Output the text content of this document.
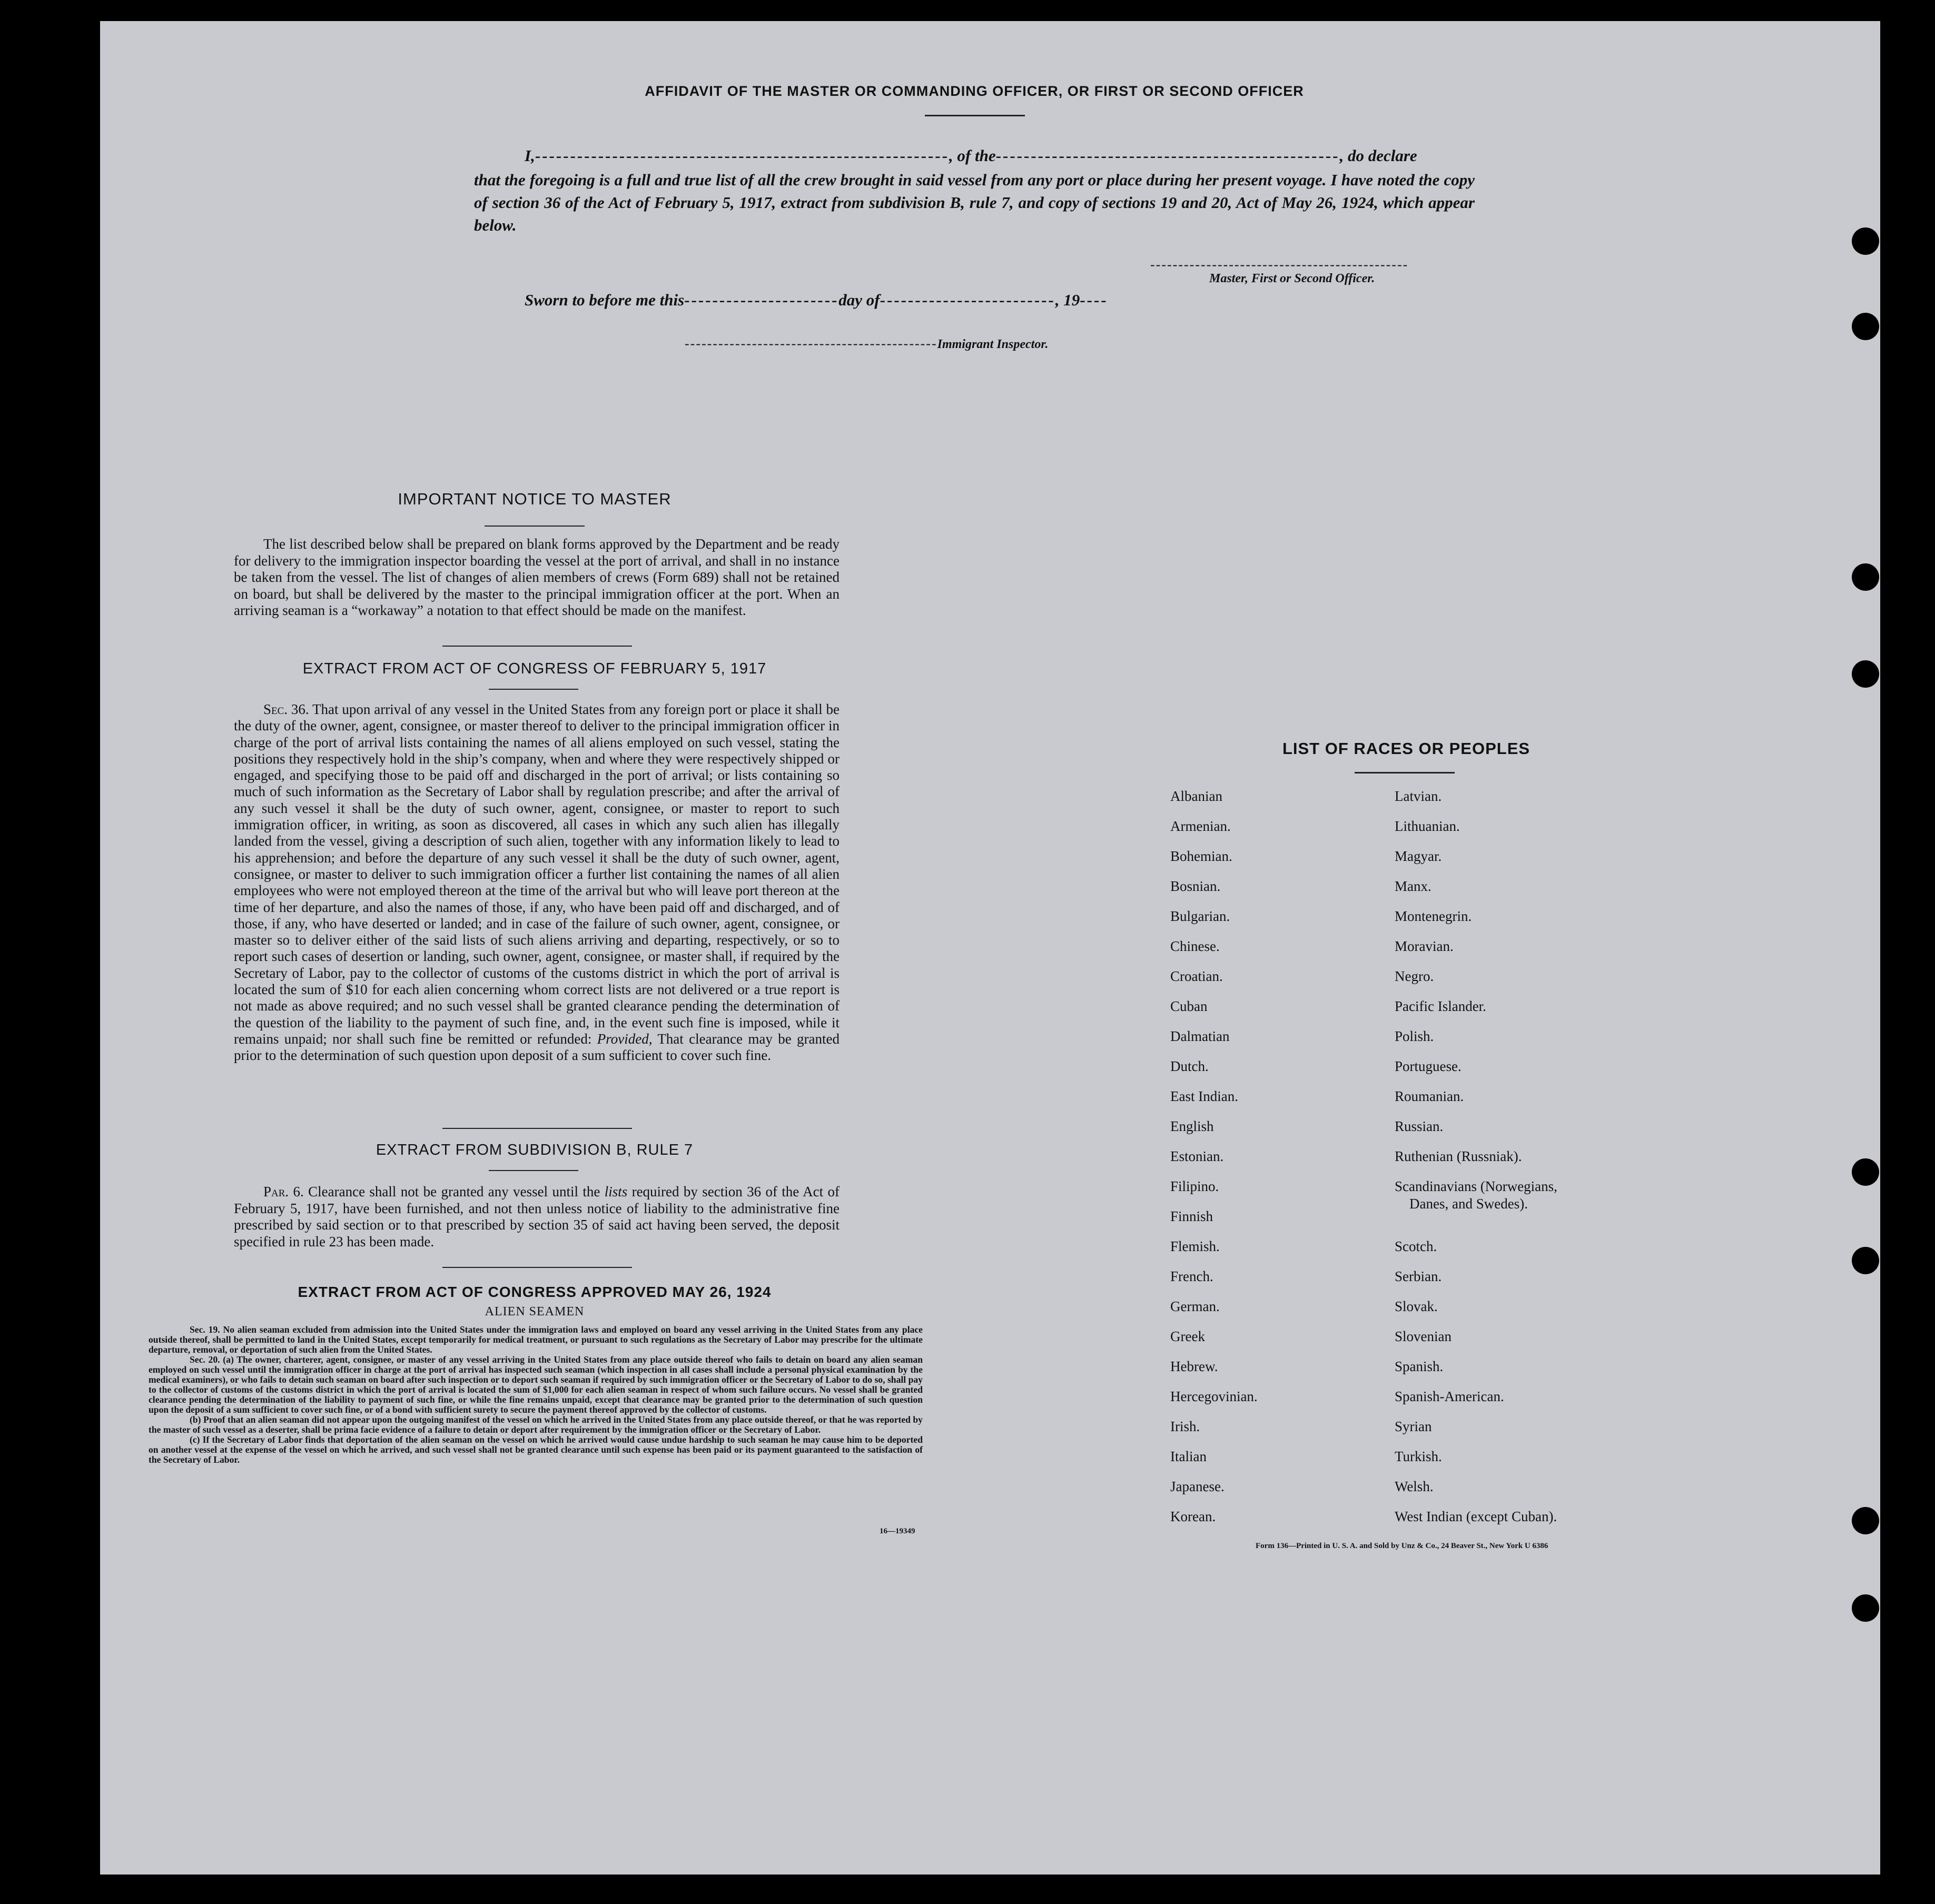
AFFIDAVIT OF THE MASTER OR COMMANDING OFFICER, OR FIRST OR SECOND OFFICER
I,-----------------------------------------------------------, of the-------------------------------------------------, do declare
that the foregoing is a full and true list of all the crew brought in said vessel from any port or place during her present voyage. I have noted the copy of section 36 of the Act of February 5, 1917, extract from subdivision B, rule 7, and copy of sections 19 and 20, Act of May 26, 1924, which appear below.
----------------------------------------------
Master, First or Second Officer.
Sworn to before me this----------------------day of-------------------------, 19----
---------------------------------------------Immigrant Inspector.
IMPORTANT NOTICE TO MASTER
The list described below shall be prepared on blank forms approved by the Department and be ready for delivery to the immigration inspector boarding the vessel at the port of arrival, and shall in no instance be taken from the vessel. The list of changes of alien members of crews (Form 689) shall not be retained on board, but shall be delivered by the master to the principal immigration officer at the port. When an arriving seaman is a “workaway” a notation to that effect should be made on the manifest.
EXTRACT FROM ACT OF CONGRESS OF FEBRUARY 5, 1917
Sec. 36. That upon arrival of any vessel in the United States from any foreign port or place it shall be the duty of the owner, agent, consignee, or master thereof to deliver to the principal immigration officer in charge of the port of arrival lists containing the names of all aliens employed on such vessel, stating the positions they respectively hold in the ship’s company, when and where they were respectively shipped or engaged, and specifying those to be paid off and discharged in the port of arrival; or lists containing so much of such information as the Secretary of Labor shall by regulation prescribe; and after the arrival of any such vessel it shall be the duty of such owner, agent, consignee, or master to report to such immigration officer, in writing, as soon as discovered, all cases in which any such alien has illegally landed from the vessel, giving a description of such alien, together with any information likely to lead to his apprehension; and before the departure of any such vessel it shall be the duty of such owner, agent, consignee, or master to deliver to such immigration officer a further list containing the names of all alien employees who were not employed thereon at the time of the arrival but who will leave port thereon at the time of her departure, and also the names of those, if any, who have been paid off and discharged, and of those, if any, who have deserted or landed; and in case of the failure of such owner, agent, consignee, or master so to deliver either of the said lists of such aliens arriving and departing, respectively, or so to report such cases of desertion or landing, such owner, agent, consignee, or master shall, if required by the Secretary of Labor, pay to the collector of customs of the customs district in which the port of arrival is located the sum of $10 for each alien concerning whom correct lists are not delivered or a true report is not made as above required; and no such vessel shall be granted clearance pending the determination of the question of the liability to the payment of such fine, and, in the event such fine is imposed, while it remains unpaid; nor shall such fine be remitted or refunded: Provided, That clearance may be granted prior to the determination of such question upon deposit of a sum sufficient to cover such fine.
EXTRACT FROM SUBDIVISION B, RULE 7
Par. 6. Clearance shall not be granted any vessel until the lists required by section 36 of the Act of February 5, 1917, have been furnished, and not then unless notice of liability to the administrative fine prescribed by said section or to that prescribed by section 35 of said act having been served, the deposit specified in rule 23 has been made.
EXTRACT FROM ACT OF CONGRESS APPROVED MAY 26, 1924
ALIEN SEAMEN
Sec. 19. No alien seaman excluded from admission into the United States under the immigration laws and employed on board any vessel arriving in the United States from any place outside thereof, shall be permitted to land in the United States, except temporarily for medical treatment, or pursuant to such regulations as the Secretary of Labor may prescribe for the ultimate departure, removal, or deportation of such alien from the United States.
Sec. 20. (a) The owner, charterer, agent, consignee, or master of any vessel arriving in the United States from any place outside thereof who fails to detain on board any alien seaman employed on such vessel until the immigration officer in charge at the port of arrival has inspected such seaman (which inspection in all cases shall include a personal physical examination by the medical examiners), or who fails to detain such seaman on board after such inspection or to deport such seaman if required by such immigration officer or the Secretary of Labor to do so, shall pay to the collector of customs of the customs district in which the port of arrival is located the sum of $1,000 for each alien seaman in respect of whom such failure occurs. No vessel shall be granted clearance pending the determination of the liability to payment of such fine, or while the fine remains unpaid, except that clearance may be granted prior to the determination of such question upon the deposit of a sum sufficient to cover such fine, or of a bond with sufficient surety to secure the payment thereof approved by the collector of customs.
(b) Proof that an alien seaman did not appear upon the outgoing manifest of the vessel on which he arrived in the United States from any place outside thereof, or that he was reported by the master of such vessel as a deserter, shall be prima facie evidence of a failure to detain or deport after requirement by the immigration officer or the Secretary of Labor.
(c) If the Secretary of Labor finds that deportation of the alien seaman on the vessel on which he arrived would cause undue hardship to such seaman he may cause him to be deported on another vessel at the expense of the vessel on which he arrived, and such vessel shall not be granted clearance until such expense has been paid or its payment guaranteed to the satisfaction of the Secretary of Labor.
16—19349
LIST OF RACES OR PEOPLES
Albanian
Armenian.
Bohemian.
Bosnian.
Bulgarian.
Chinese.
Croatian.
Cuban
Dalmatian
Dutch.
East Indian.
English
Estonian.
Filipino.
Finnish
Flemish.
French.
German.
Greek
Hebrew.
Hercegovinian.
Irish.
Italian
Japanese.
Korean.
Latvian.
Lithuanian.
Magyar.
Manx.
Montenegrin.
Moravian.
Negro.
Pacific Islander.
Polish.
Portuguese.
Roumanian.
Russian.
Ruthenian (Russniak).
Scandinavians (Norwegians,
Danes, and Swedes).
Scotch.
Serbian.
Slovak.
Slovenian
Spanish.
Spanish-American.
Syrian
Turkish.
Welsh.
West Indian (except Cuban).
Form 136—Printed in U. S. A. and Sold by Unz & Co., 24 Beaver St., New York U 6386
